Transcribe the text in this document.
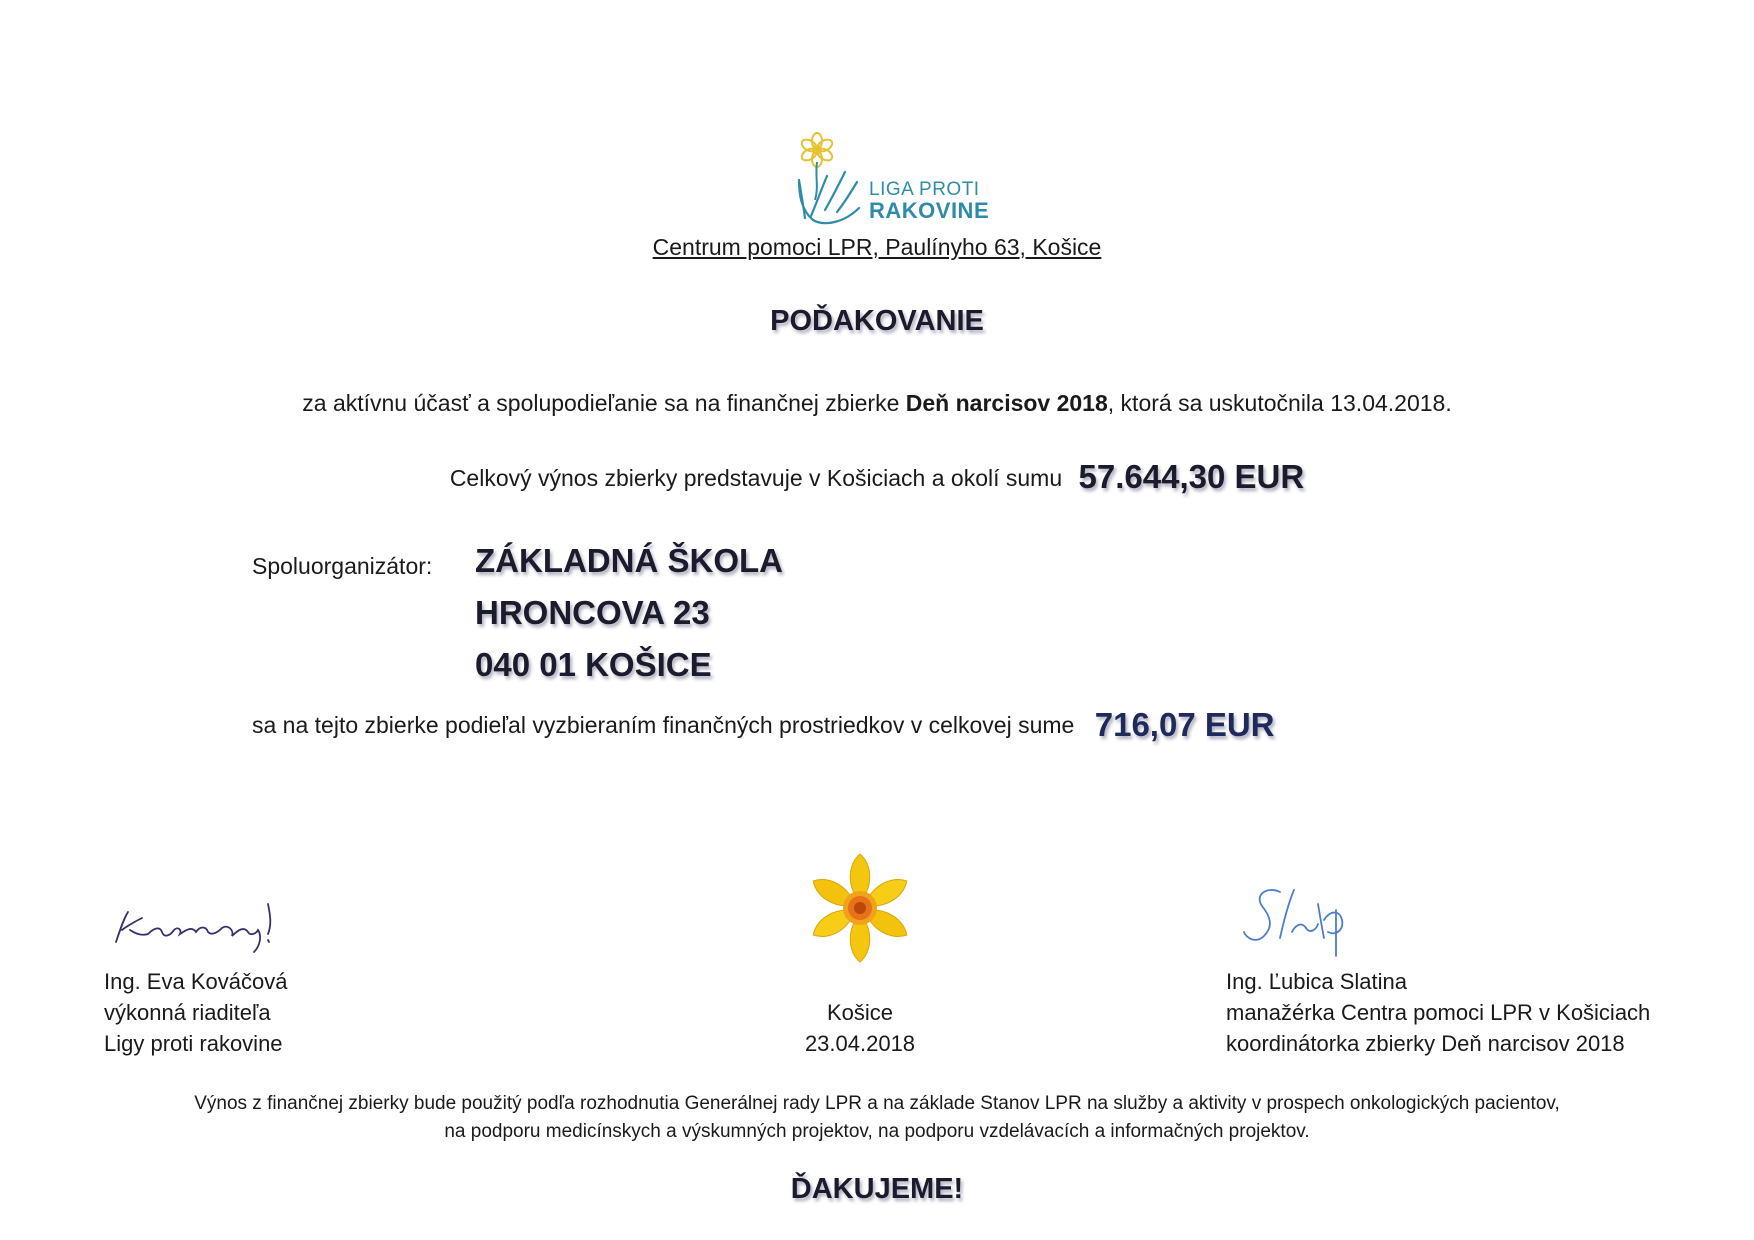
LIGA PROTI
RAKOVINE
Centrum pomoci LPR, Paulínyho 63, Košice
POĎAKOVANIE
za aktívnu účasť a spolupodieľanie sa na finančnej zbierke Deň narcisov 2018, ktorá sa uskutočnila 13.04.2018.
Celkový výnos zbierky predstavuje v Košiciach a okolí sumu 57.644,30 EUR
Spoluorganizátor: ZÁKLADNÁ ŠKOLA
HRONCOVA 23
040 01 KOŠICE
sa na tejto zbierke podieľal vyzbieraním finančných prostriedkov v celkovej sume 716,07 EUR
Ing. Eva Kováčová
výkonná riaditeľa
Ligy proti rakovine
Košice
23.04.2018
Ing. Ľubica Slatina
manažérka Centra pomoci LPR v Košiciach
koordinátorka zbierky Deň narcisov 2018
Výnos z finančnej zbierky bude použitý podľa rozhodnutia Generálnej rady LPR a na základe Stanov LPR na služby a aktivity v prospech onkologických pacientov,
na podporu medicínskych a výskumných projektov, na podporu vzdelávacích a informačných projektov.
ĎAKUJEME!
